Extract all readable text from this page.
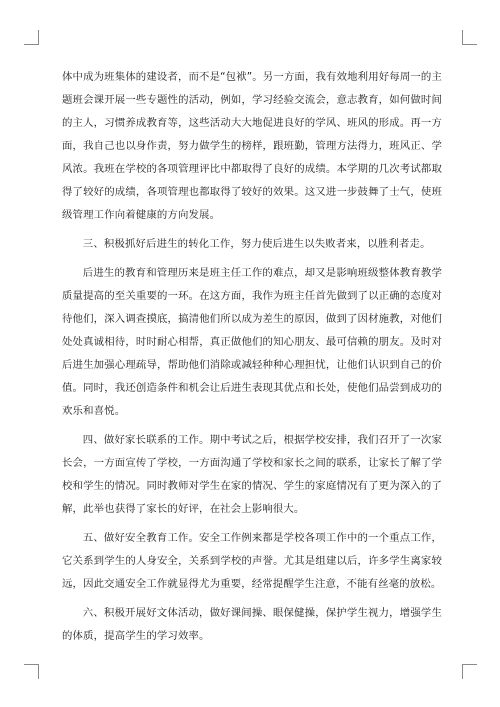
体中成为班集体的建设者，而不是“包袱”。另一方面，我有效地利用好每周一的主题班会课开展一些专题性的活动，例如，学习经验交流会，意志教育，如何做时间的主人，习惯养成教育等，这些活动大大地促进良好的学风、班风的形成。再一方面，我自己也以身作责，努力做学生的榜样，跟班勤，管理方法得力，班风正、学风浓。我班在学校的各项管理评比中都取得了良好的成绩。本学期的几次考试都取得了较好的成绩，各项管理也都取得了较好的效果。这又进一步鼓舞了士气，使班级管理工作向着健康的方向发展。

三、积极抓好后进生的转化工作，努力使后进生以失败者来，以胜利者走。

后进生的教育和管理历来是班主任工作的难点，却又是影响班级整体教育教学质量提高的至关重要的一环。在这方面，我作为班主任首先做到了以正确的态度对待他们，深入调查摸底，搞清他们所以成为差生的原因，做到了因材施教，对他们处处真诚相待，时时耐心相帮，真正做他们的知心朋友、最可信赖的朋友。及时对后进生加强心理疏导，帮助他们消除或减轻种种心理担忧，让他们认识到自己的价值。同时，我还创造条件和机会让后进生表现其优点和长处，使他们品尝到成功的欢乐和喜悦。

四、做好家长联系的工作。期中考试之后，根据学校安排，我们召开了一次家长会，一方面宣传了学校，一方面沟通了学校和家长之间的联系，让家长了解了学校和学生的情况。同时教师对学生在家的情况、学生的家庭情况有了更为深入的了解，此举也获得了家长的好评，在社会上影响很大。

五、做好安全教育工作。安全工作例来都是学校各项工作中的一个重点工作，它关系到学生的人身安全，关系到学校的声誉。尤其是组建以后，许多学生离家较远，因此交通安全工作就显得尤为重要，经常提醒学生注意，不能有丝毫的放松。

六、积极开展好文体活动，做好课间操、眼保健操，保护学生视力，增强学生的体质，提高学生的学习效率。
